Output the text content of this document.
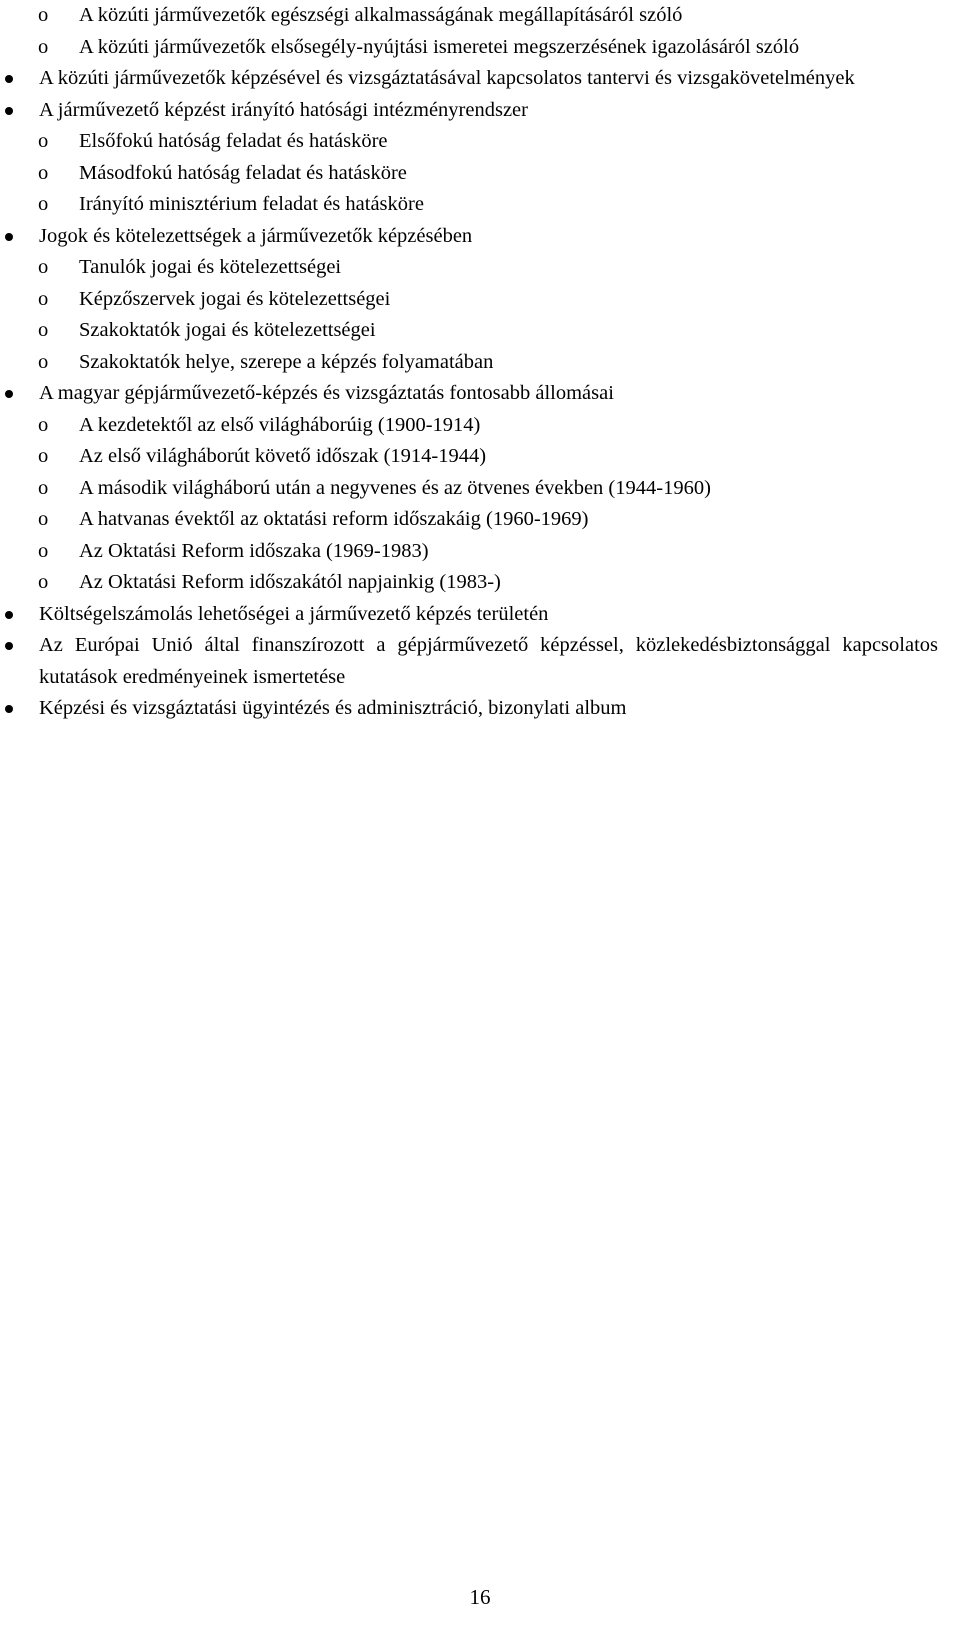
o A közúti járművezetők egészségi alkalmasságának megállapításáról szóló
o	A közúti járművezetők elsősegély-nyújtási ismeretei megszerzésének igazolásáról szóló
A közúti járművezetők képzésével és vizsgáztatásával kapcsolatos tantervi és vizsgakövetelmények
A járművezető képzést irányító hatósági intézményrendszer
o Elsőfokú hatóság feladat és hatásköre
o Másodfokú hatóság feladat és hatásköre
o Irányító minisztérium feladat és hatásköre
Jogok és kötelezettségek a járművezetők képzésében
o Tanulók jogai és kötelezettségei
o Képzőszervek jogai és kötelezettségei
o Szakoktatók jogai és kötelezettségei
o Szakoktatók helye, szerepe a képzés folyamatában
A magyar gépjárművezető-képzés és vizsgáztatás fontosabb állomásai
o A kezdetektől az első világháborúig (1900-1914)
o Az első világháborút követő időszak (1914-1944)
o A második világháború után a negyvenes és az ötvenes években (1944-1960)
o A hatvanas évektől az oktatási reform időszakáig (1960-1969)
o Az Oktatási Reform időszaka (1969-1983)
o Az Oktatási Reform időszakától napjainkig (1983-)
Költségelszámolás lehetőségei a járművezető képzés területén
Az Európai Unió által finanszírozott a gépjárművezető képzéssel, közlekedésbiztonsággal kapcsolatos kutatások eredményeinek ismertetése
Képzési és vizsgáztatási ügyintézés és adminisztráció, bizonylati album
16
